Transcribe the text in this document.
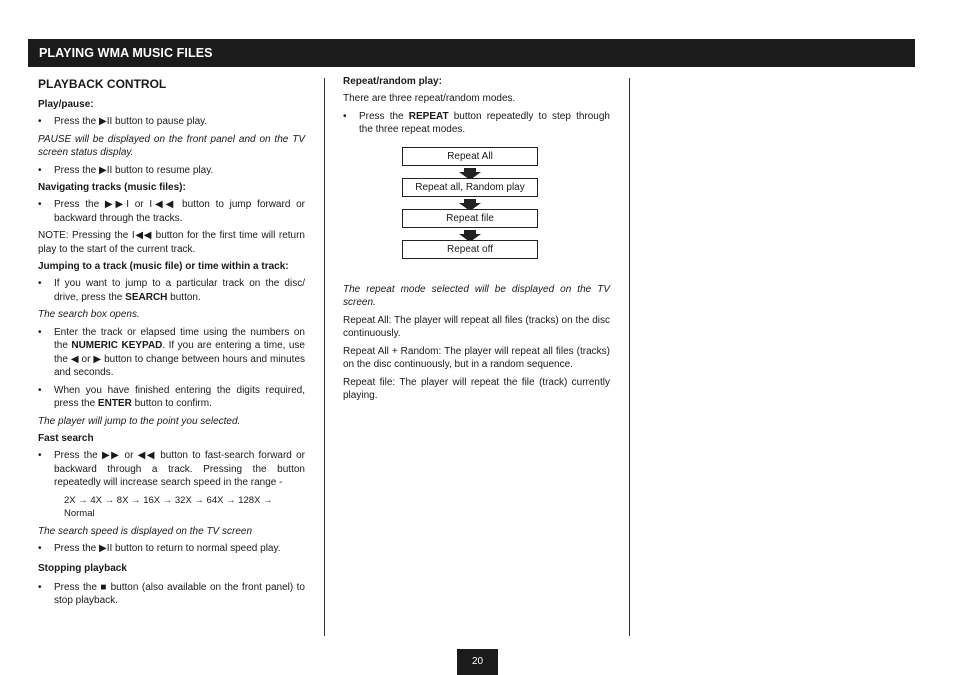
PLAYING WMA MUSIC FILES
PLAYBACK CONTROL
Play/pause:
• Press the ▶II button to pause play.
PAUSE will be displayed on the front panel and on the TV screen status display.
• Press the ▶II button to resume play.
Navigating tracks (music files):
• Press the ▶▶I or I◀◀ button to jump forward or backward through the tracks.
NOTE: Pressing the I◀◀ button for the first time will return play to the start of the current track.
Jumping to a track (music file) or time within a track:
• If you want to jump to a particular track on the disc/ drive, press the SEARCH button.
The search box opens.
• Enter the track or elapsed time using the numbers on the NUMERIC KEYPAD. If you are entering a time, use the ◀ or ▶ button to change between hours and minutes and seconds.
• When you have finished entering the digits required, press the ENTER button to confirm.
The player will jump to the point you selected.
Fast search
• Press the ▶▶ or ◀◀ button to fast-search forward or backward through a track. Pressing the button repeatedly will increase search speed in the range -
2X → 4X → 8X → 16X → 32X → 64X → 128X → Normal
The search speed is displayed on the TV screen
• Press the ▶II button to return to normal speed play.
Stopping playback
• Press the ■ button (also available on the front panel) to stop playback.
Repeat/random play:
There are three repeat/random modes.
• Press the REPEAT button repeatedly to step through the three repeat modes.
Repeat All
Repeat all, Random play
Repeat file
Repeat off
The repeat mode selected will be displayed on the TV screen.
Repeat All: The player will repeat all files (tracks) on the disc continuously.
Repeat All + Random: The player will repeat all files (tracks) on the disc continuously, but in a random sequence.
Repeat file: The player will repeat the file (track) currently playing.
20
